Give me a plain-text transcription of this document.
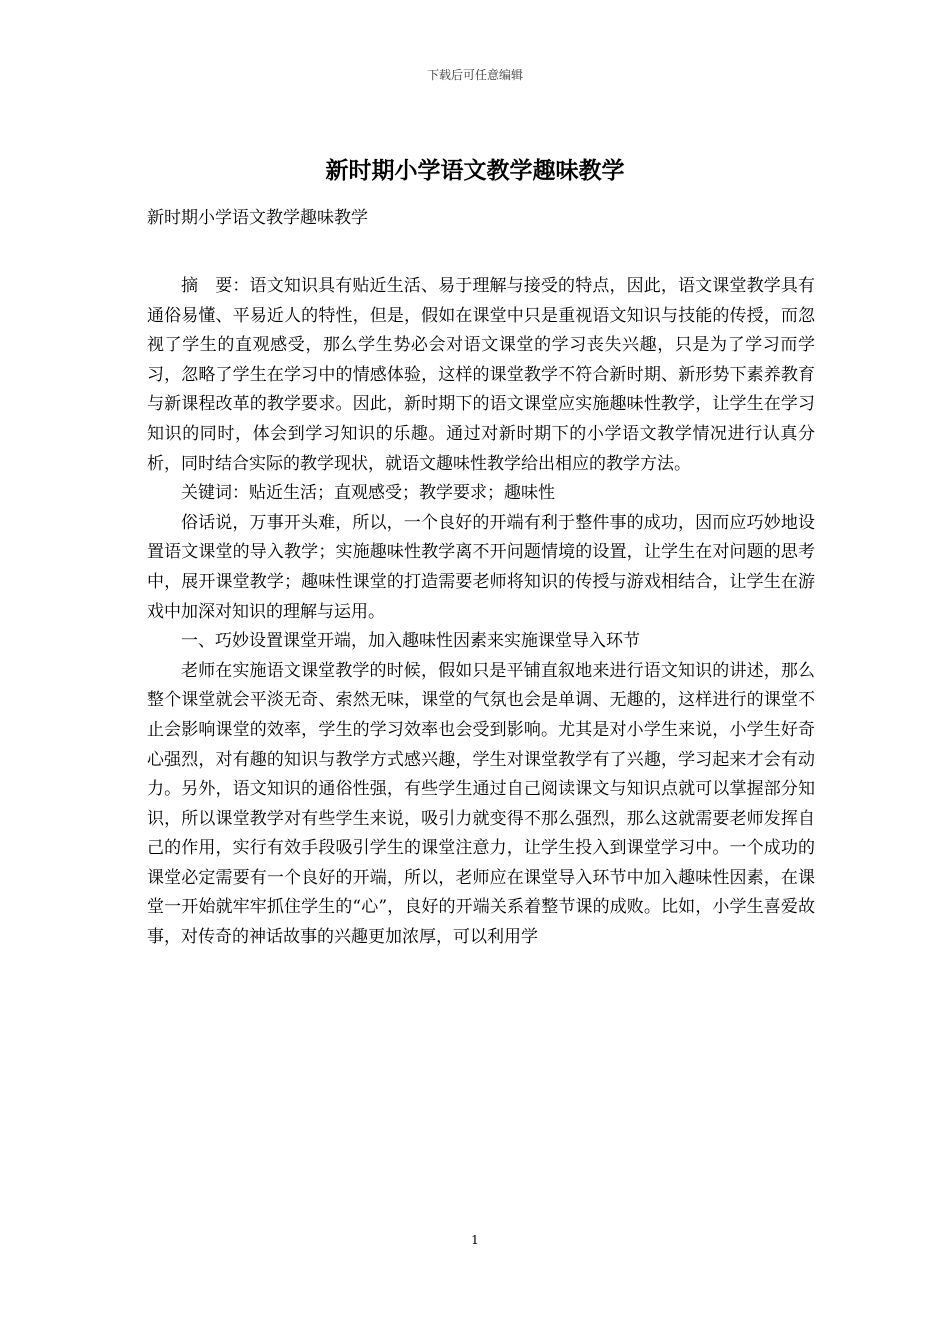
下载后可任意编辑
新时期小学语文教学趣味教学
新时期小学语文教学趣味教学

摘　要：语文知识具有贴近生活、易于理解与接受的特点，因此，语文课堂教学具有通俗易懂、平易近人的特性，但是，假如在课堂中只是重视语文知识与技能的传授，而忽视了学生的直观感受，那么学生势必会对语文课堂的学习丧失兴趣，只是为了学习而学习，忽略了学生在学习中的情感体验，这样的课堂教学不符合新时期、新形势下素养教育与新课程改革的教学要求。因此，新时期下的语文课堂应实施趣味性教学，让学生在学习知识的同时，体会到学习知识的乐趣。通过对新时期下的小学语文教学情况进行认真分析，同时结合实际的教学现状，就语文趣味性教学给出相应的教学方法。

关键词：贴近生活；直观感受；教学要求；趣味性

俗话说，万事开头难，所以，一个良好的开端有利于整件事的成功，因而应巧妙地设置语文课堂的导入教学；实施趣味性教学离不开问题情境的设置，让学生在对问题的思考中，展开课堂教学；趣味性课堂的打造需要老师将知识的传授与游戏相结合，让学生在游戏中加深对知识的理解与运用。

一、巧妙设置课堂开端，加入趣味性因素来实施课堂导入环节

老师在实施语文课堂教学的时候，假如只是平铺直叙地来进行语文知识的讲述，那么整个课堂就会平淡无奇、索然无味，课堂的气氛也会是单调、无趣的，这样进行的课堂不止会影响课堂的效率，学生的学习效率也会受到影响。尤其是对小学生来说，小学生好奇心强烈，对有趣的知识与教学方式感兴趣，学生对课堂教学有了兴趣，学习起来才会有动力。另外，语文知识的通俗性强，有些学生通过自己阅读课文与知识点就可以掌握部分知识，所以课堂教学对有些学生来说，吸引力就变得不那么强烈，那么这就需要老师发挥自己的作用，实行有效手段吸引学生的课堂注意力，让学生投入到课堂学习中。一个成功的课堂必定需要有一个良好的开端，所以，老师应在课堂导入环节中加入趣味性因素，在课堂一开始就牢牢抓住学生的“心”，良好的开端关系着整节课的成败。比如，小学生喜爱故事，对传奇的神话故事的兴趣更加浓厚，可以利用学

1
